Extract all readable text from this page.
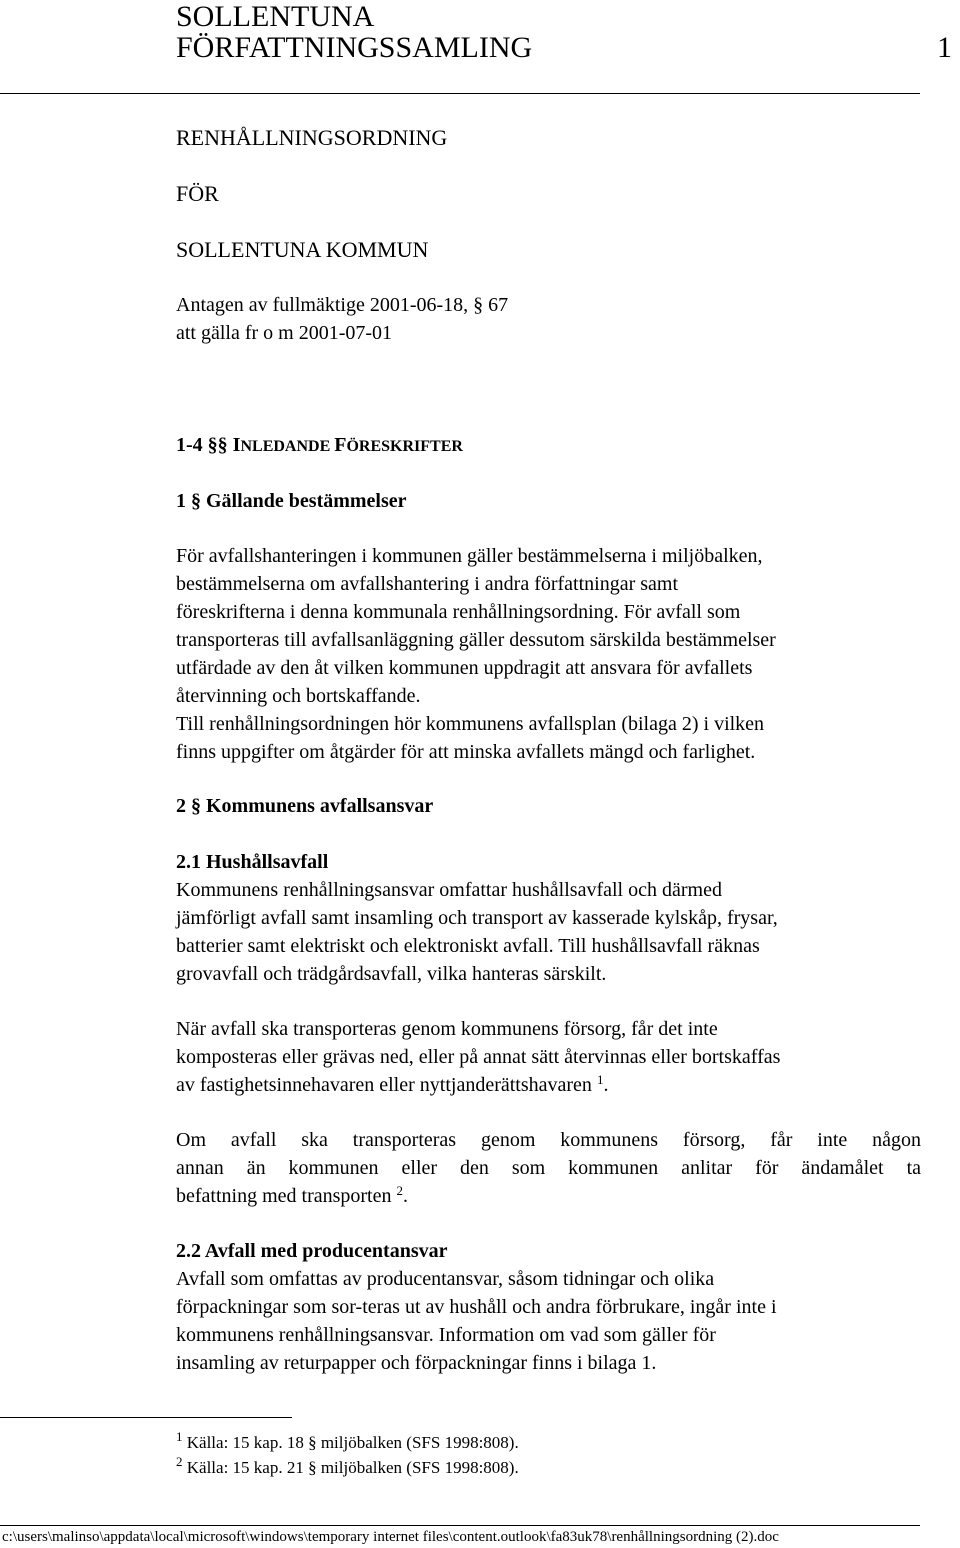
SOLLENTUNA
FÖRFATTNINGSSAMLING	1
RENHÅLLNINGSORDNING
FÖR
SOLLENTUNA KOMMUN
Antagen av fullmäktige 2001-06-18, § 67
att gälla fr o m 2001-07-01
1-4 §§ INLEDANDE FÖRESKRIFTER
1 § Gällande bestämmelser

För avfallshanteringen i kommunen gäller bestämmelserna i miljöbalken,

bestämmelserna om avfallshantering i andra författningar samt

föreskrifterna i denna kommunala renhållningsordning. För avfall som

transporteras till avfallsanläggning gäller dessutom särskilda bestämmelser

utfärdade av den åt vilken kommunen uppdragit att ansvara för avfallets

återvinning och bortskaffande.

Till renhållningsordningen hör kommunens avfallsplan (bilaga 2) i vilken

finns uppgifter om åtgärder för att minska avfallets mängd och farlighet.

2 § Kommunens avfallsansvar
2.1 Hushållsavfall

Kommunens renhållningsansvar omfattar hushållsavfall och därmed

jämförligt avfall samt insamling och transport av kasserade kylskåp, frysar,

batterier samt elektriskt och elektroniskt avfall. Till hushållsavfall räknas

grovavfall och trädgårdsavfall, vilka hanteras särskilt.

När avfall ska transporteras genom kommunens försorg, får det inte

komposteras eller grävas ned, eller på annat sätt återvinnas eller bortskaffas

av fastighetsinnehavaren eller nyttjanderättshavaren $^1$.

Om avfall ska transporteras genom kommunens försorg, får inte någon

annan än kommunen eller den som kommunen anlitar för ändamålet ta

befattning med transporten $^2$.

2.2 Avfall med producentansvar

Avfall som omfattas av producentansvar, såsom tidningar och olika

förpackningar som sor-teras ut av hushåll och andra förbrukare, ingår inte i

kommunens renhållningsansvar. Information om vad som gäller för

insamling av returpapper och förpackningar finns i bilaga 1.

$^1$ Källa: 15 kap. 18 § miljöbalken (SFS 1998:808).
$^2$ Källa: 15 kap. 21 § miljöbalken (SFS 1998:808).
c:\users\malinso\appdata\local\microsoft\windows\temporary internet files\content.outlook\fa83uk78\renhållningsordning (2).doc
